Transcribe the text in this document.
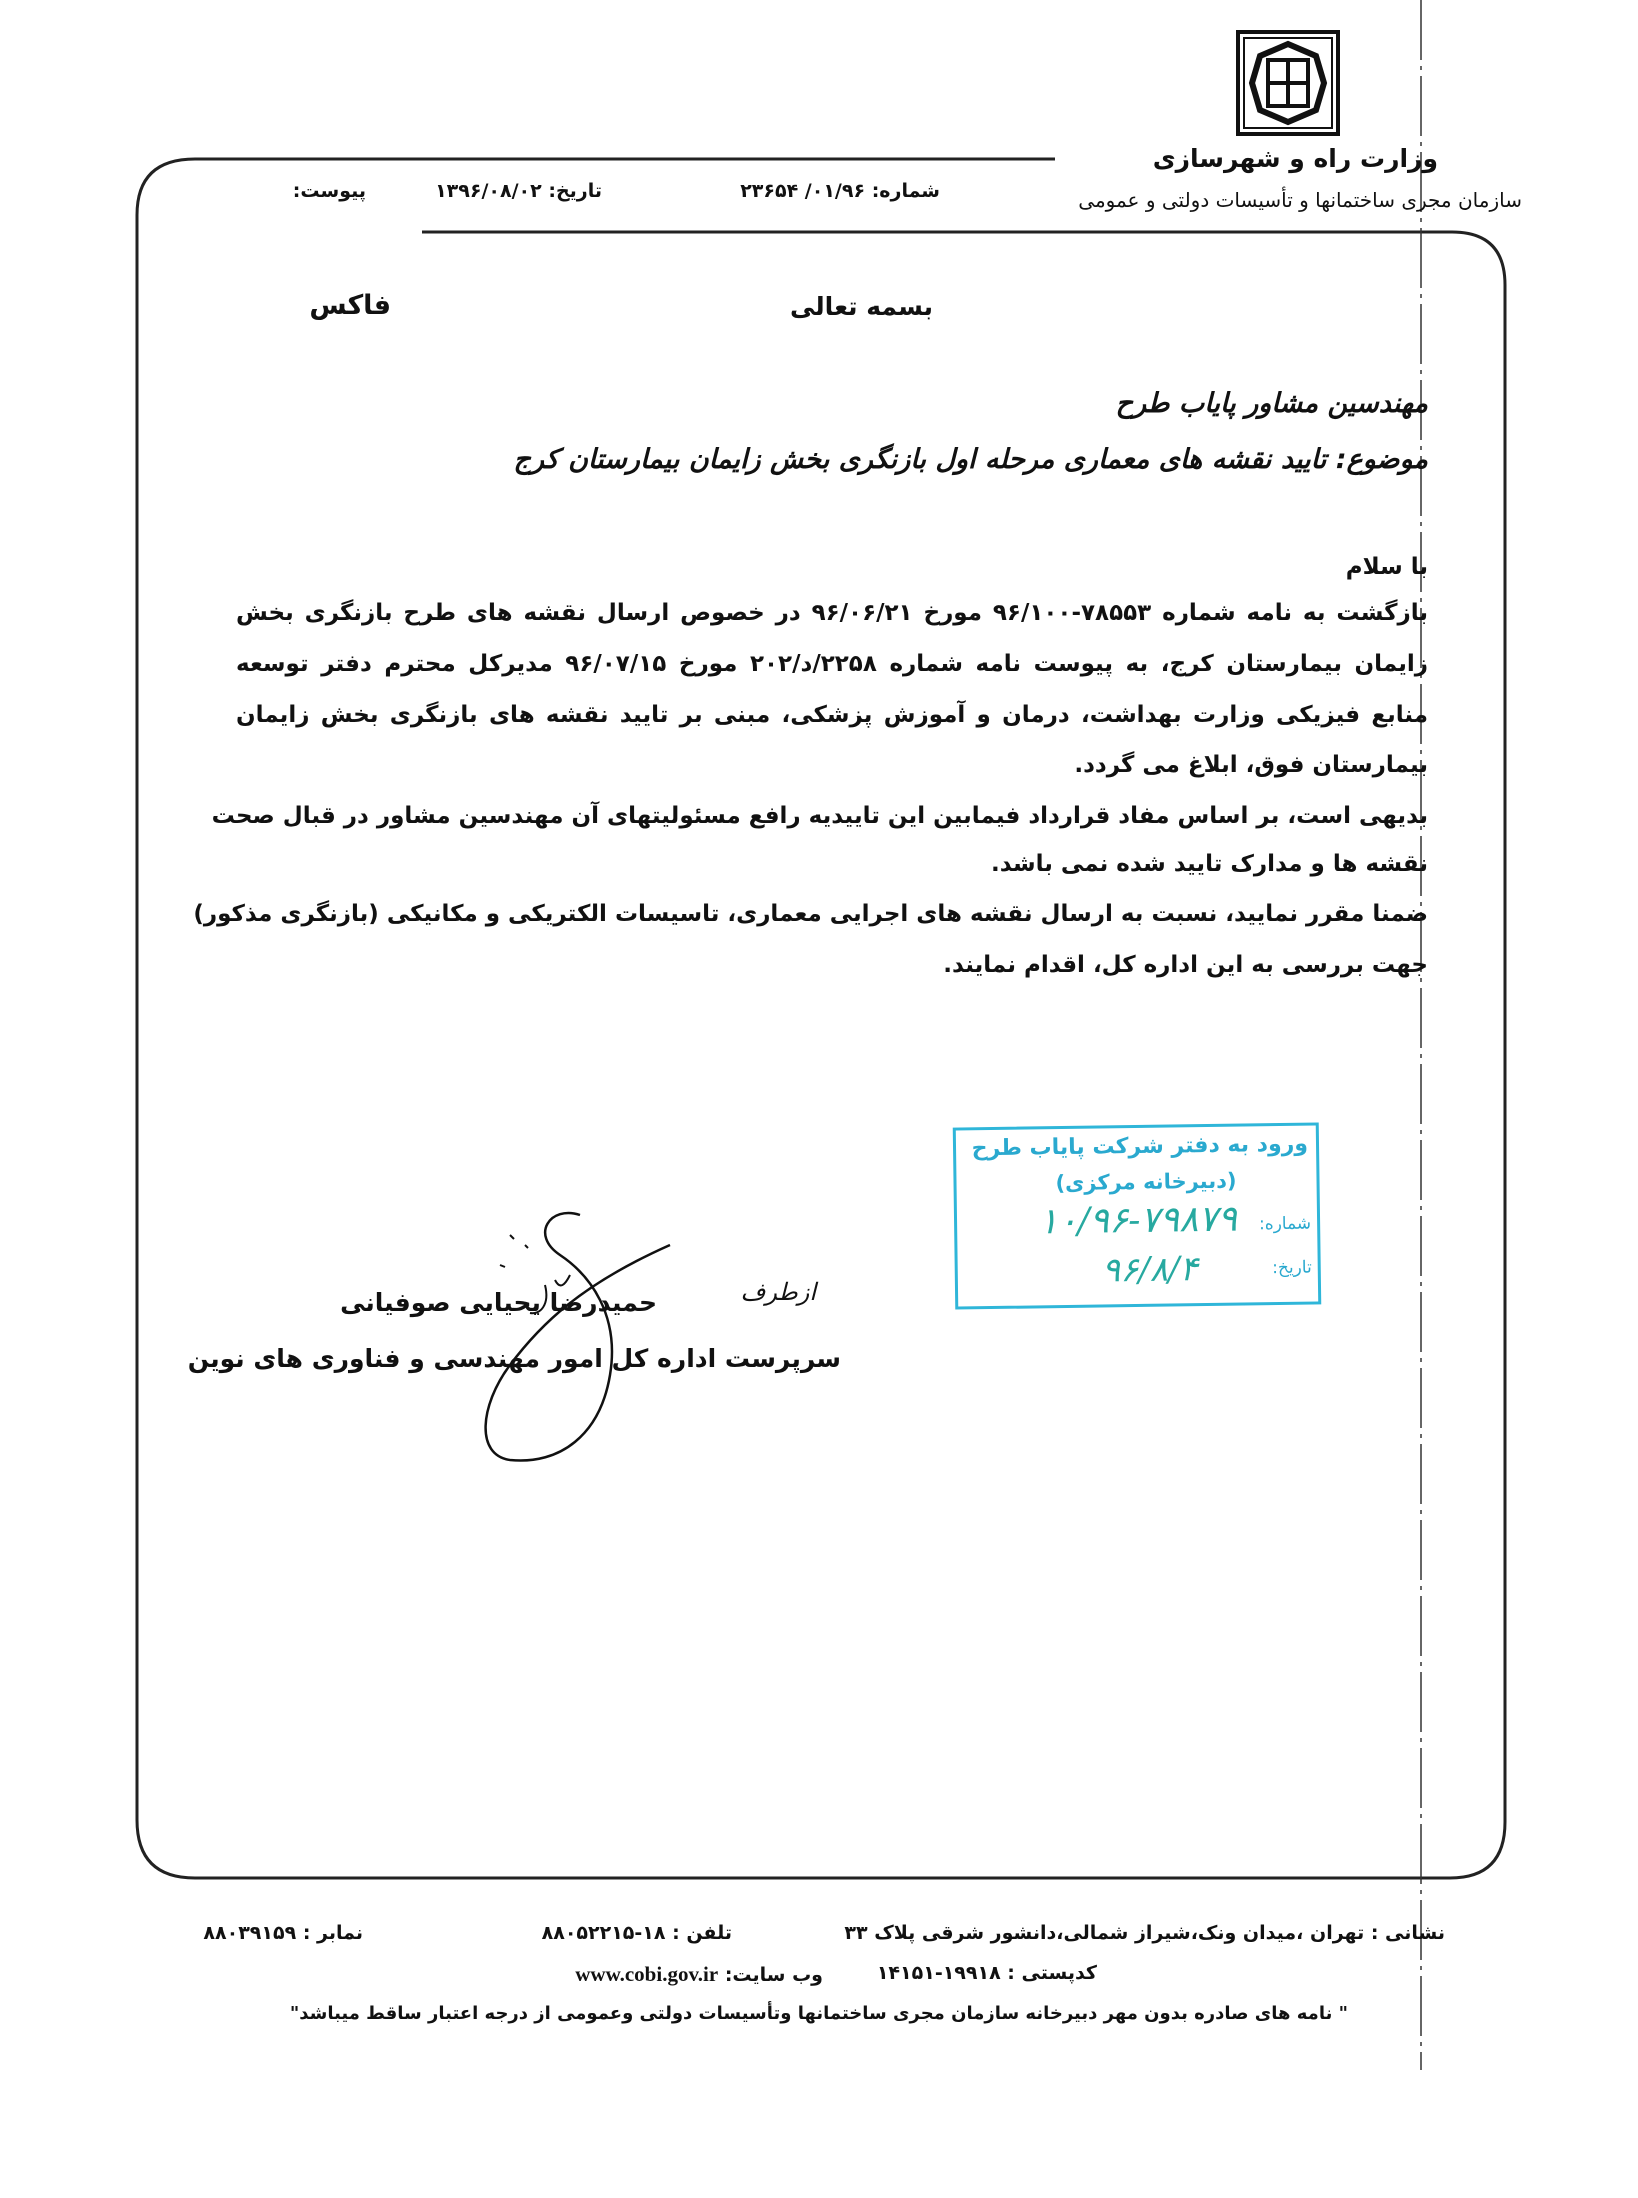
وزارت راه و شهرسازی
سازمان مجری ساختمانها و تأسیسات دولتی و عمومی
شماره: ۰۱/۹۶/ ۲۳۶۵۴
تاریخ: ۱۳۹۶/۰۸/۰۲
پیوست:
بسمه تعالی
فاکس
مهندسین مشاور پایاب طرح
موضوع: تایید نقشه های معماری مرحله اول بازنگری بخش زایمان بیمارستان کرج
با سلام
بازگشت به نامه شماره ۷۸۵۵۳-۹۶/۱۰۰ مورخ ۹۶/۰۶/۲۱ در خصوص ارسال نقشه های طرح بازنگری بخش
زایمان بیمارستان کرج، به پیوست نامه شماره ۲۲۵۸/د/۲۰۲ مورخ ۹۶/۰۷/۱۵ مدیرکل محترم دفتر توسعه
منابع فیزیکی وزارت بهداشت، درمان و آموزش پزشکی، مبنی بر تایید نقشه های بازنگری بخش زایمان
بیمارستان فوق، ابلاغ می گردد.
بدیهی است، بر اساس مفاد قرارداد فیمابین این تاییدیه رافع مسئولیتهای آن مهندسین مشاور در قبال صحت
نقشه ها و مدارک تایید شده نمی باشد.
ضمنا مقرر نمایید، نسبت به ارسال نقشه های اجرایی معماری، تاسیسات الکتریکی و مکانیکی (بازنگری مذکور)
جهت بررسی به این اداره کل، اقدام نمایند.
ورود به دفتر شرکت پایاب طرح
(دبیرخانه مرکزی)
شماره:
۱۰/۹۶-۷۹۸۷۹
تاریخ:
۹۶/۸/۴
ازطرف
حمیدرضا یحیایی صوفیانی
سرپرست اداره کل امور مهندسی و فناوری های نوین
نشانی : تهران ،میدان ونک،شیراز شمالی،دانشور شرقی پلاک ۳۳
تلفن : ۱۸-۸۸۰۵۲۲۱۵
نمابر : ۸۸۰۳۹۱۵۹
کدپستی : ۱۹۹۱۸-۱۴۱۵۱
وب سایت: www.cobi.gov.ir
" نامه های صادره بدون مهر دبیرخانه سازمان مجری ساختمانها وتأسیسات دولتی وعمومی از درجه اعتبار ساقط میباشد"
